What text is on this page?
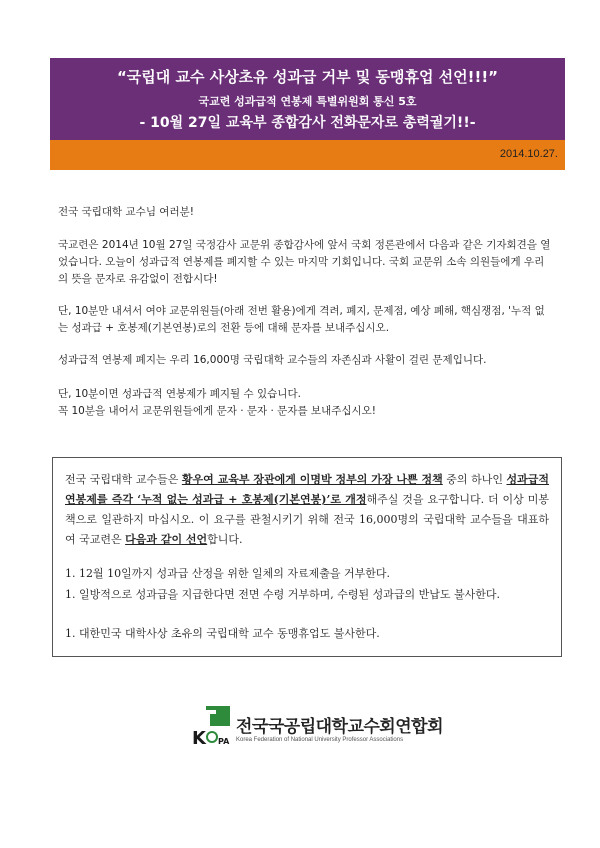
“국립대 교수 사상초유 성과급 거부 및 동맹휴업 선언!!!”
국교련 성과급적 연봉제 특별위원회 통신 5호
- 10월 27일 교육부 종합감사 전화문자로 총력궐기!!-
2014.10.27.
전국 국립대학 교수님 여러분!
국교련은 2014년 10월 27일 국정감사 교문위 종합감사에 앞서 국회 정론관에서 다음과 같은 기자회견을 열었습니다. 오늘이 성과급적 연봉제를 폐지할 수 있는 마지막 기회입니다. 국회 교문위 소속 의원들에게 우리의 뜻을 문자로 유감없이 전합시다!
단, 10분만 내셔서 여야 교문위원들(아래 전번 활용)에게 격려, 폐지, 문제점, 예상 폐해, 핵심쟁점, '누적 없는 성과급 + 호봉제(기본연봉)로의 전환 등에 대해 문자를 보내주십시오.
성과급적 연봉제 폐지는 우리 16,000명 국립대학 교수들의 자존심과 사활이 걸린 문제입니다.
단, 10분이면 성과급적 연봉제가 폐지될 수 있습니다.
꼭 10분을 내어서 교문위원들에게 문자 · 문자 · 문자를 보내주십시오!
전국 국립대학 교수들은 황우여 교육부 장관에게 이명박 정부의 가장 나쁜 정책 중의 하나인 성과급적 연봉제를 즉각 ‘누적 없는 성과급 + 호봉제(기본연봉)’로 개정해주실 것을 요구합니다. 더 이상 미봉책으로 일관하지 마십시오. 이 요구를 관철시키기 위해 전국 16,000명의 국립대학 교수들을 대표하여 국교련은 다음과 같이 선언합니다.
1. 12월 10일까지 성과급 산정을 위한 일체의 자료제출을 거부한다.
1. 일방적으로 성과급을 지급한다면 전면 수령 거부하며, 수령된 성과급의 반납도 불사한다.
1. 대한민국 대학사상 초유의 국립대학 교수 동맹휴업도 불사한다.
K PA
전국국공립대학교수회연합회
Korea Federation of National University Professor Associations
